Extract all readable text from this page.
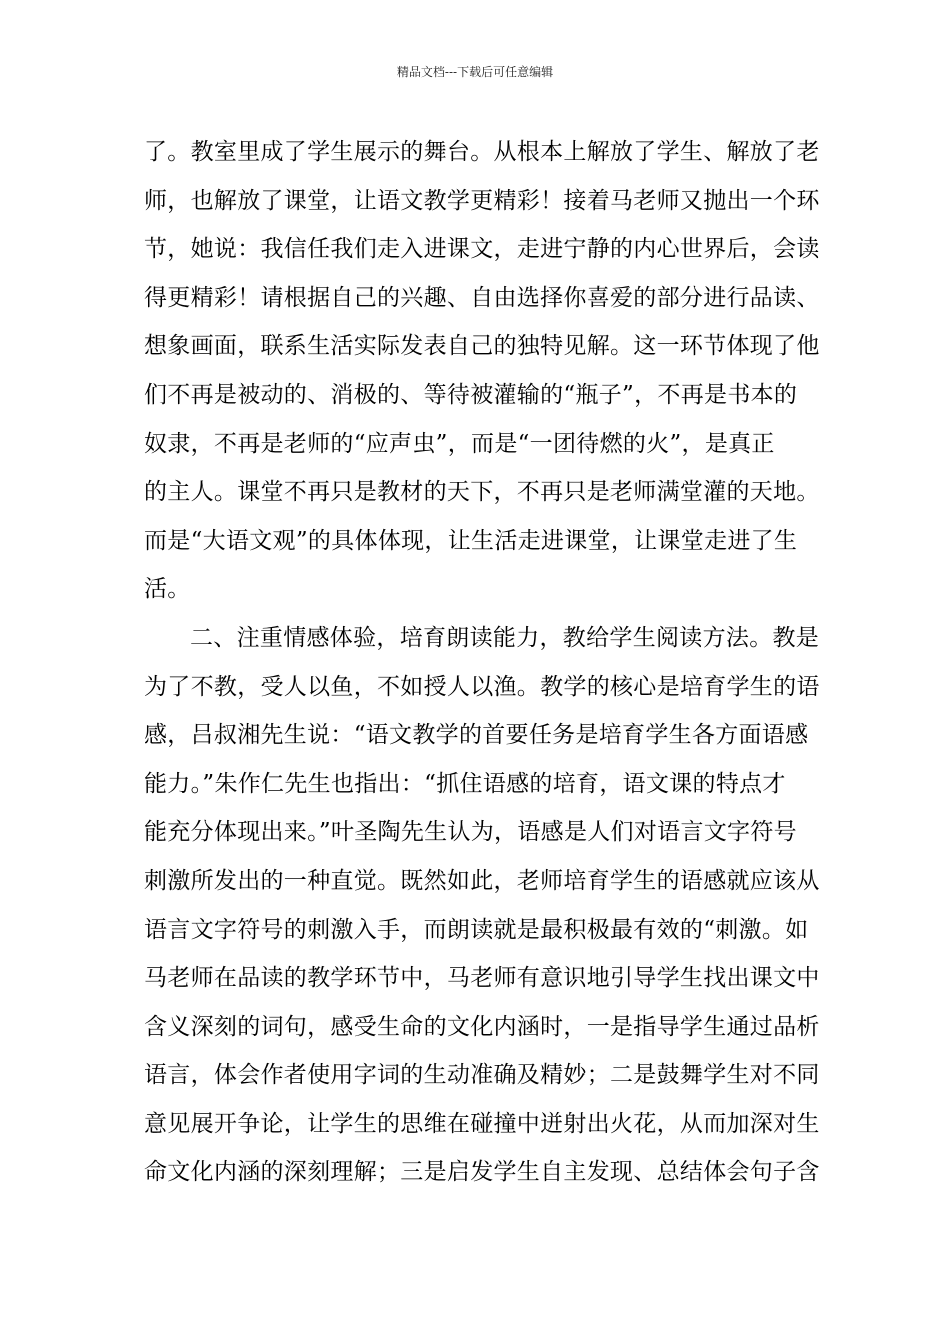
精品文档---下载后可任意编辑
了。教室里成了学生展示的舞台。从根本上解放了学生、解放了老
师，也解放了课堂，让语文教学更精彩！接着马老师又抛出一个环
节，她说：我信任我们走入进课文，走进宁静的内心世界后，会读
得更精彩！请根据自己的兴趣、自由选择你喜爱的部分进行品读、
想象画面，联系生活实际发表自己的独特见解。这一环节体现了他
们不再是被动的、消极的、等待被灌输的“瓶子”，不再是书本的
奴隶，不再是老师的“应声虫”，而是“一团待燃的火”，是真正
的主人。课堂不再只是教材的天下，不再只是老师满堂灌的天地。
而是“大语文观”的具体体现，让生活走进课堂，让课堂走进了生
活。
二、注重情感体验，培育朗读能力，教给学生阅读方法。教是
为了不教，受人以鱼，不如授人以渔。教学的核心是培育学生的语
感，吕叔湘先生说：“语文教学的首要任务是培育学生各方面语感
能力。”朱作仁先生也指出：“抓住语感的培育，语文课的特点才
能充分体现出来。”叶圣陶先生认为，语感是人们对语言文字符号
刺激所发出的一种直觉。既然如此，老师培育学生的语感就应该从
语言文字符号的刺激入手，而朗读就是最积极最有效的“刺激。如
马老师在品读的教学环节中，马老师有意识地引导学生找出课文中
含义深刻的词句，感受生命的文化内涵时，一是指导学生通过品析
语言，体会作者使用字词的生动准确及精妙；二是鼓舞学生对不同
意见展开争论，让学生的思维在碰撞中迸射出火花，从而加深对生
命文化内涵的深刻理解；三是启发学生自主发现、总结体会句子含
